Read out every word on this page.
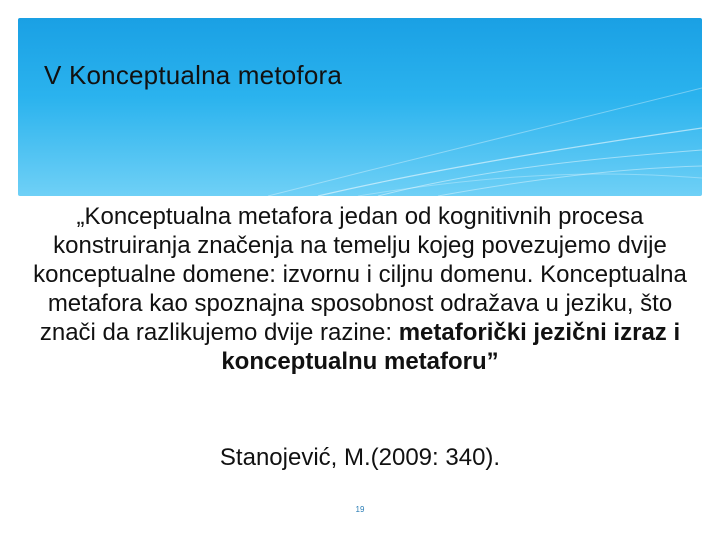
V Konceptualna metofora

„Konceptualna metafora jedan od kognitivnih procesa konstruiranja značenja na temelju kojeg povezujemo dvije konceptualne domene: izvornu i ciljnu domenu. Konceptualna metafora kao spoznajna sposobnost odražava u jeziku, što znači da razlikujemo dvije razine: metaforički jezični izraz i konceptualnu metaforu”

Stanojević, M.(2009: 340).

19
